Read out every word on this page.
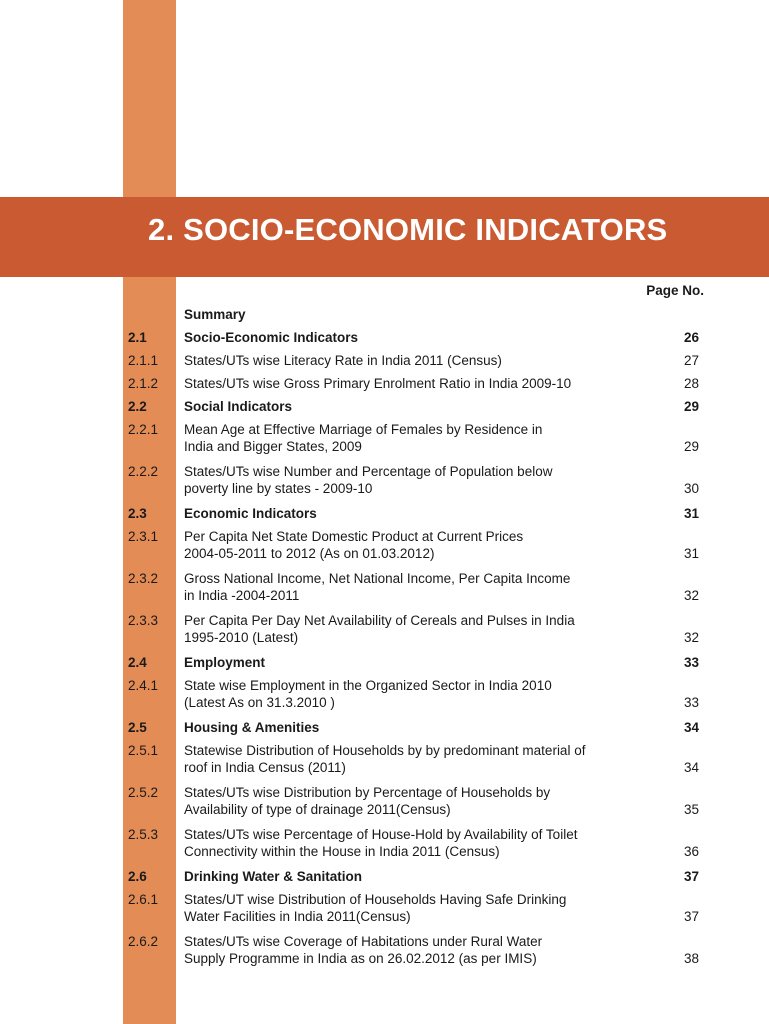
2. SOCIO-ECONOMIC INDICATORS
Page No.
Summary
2.1	Socio-Economic Indicators	26
2.1.1 States/UTs wise Literacy Rate in India 2011 (Census)	27
2.1.2 States/UTs wise Gross Primary Enrolment Ratio in India 2009-10	28
2.2	Social Indicators	29
2.2.1 Mean Age at Effective Marriage of Females by Residence in
India and Bigger States, 2009	29
2.2.2 States/UTs wise Number and Percentage of Population below
poverty line by states - 2009-10	30
2.3	Economic Indicators	31
2.3.1 Per Capita Net State Domestic Product at Current Prices
2004-05-2011 to 2012 (As on 01.03.2012)	31
2.3.2 Gross National Income, Net National Income, Per Capita Income
in India -2004-2011	32
2.3.3 Per Capita Per Day Net Availability of Cereals and Pulses in India
1995-2010 (Latest)	32
2.4	Employment	33
2.4.1 State wise Employment in the Organized Sector in India 2010
(Latest As on 31.3.2010 )	33
2.5	Housing & Amenities	34
2.5.1 Statewise Distribution of Households by by predominant material of
roof in India Census (2011)	34
2.5.2 States/UTs wise Distribution by Percentage of Households by
Availability of type of drainage 2011(Census)	35
2.5.3 States/UTs wise Percentage of House-Hold by Availability of Toilet
Connectivity within the House in India 2011 (Census)	36
2.6	Drinking Water & Sanitation	37
2.6.1 States/UT wise Distribution of Households Having Safe Drinking
Water Facilities in India 2011(Census)	37
2.6.2 States/UTs wise Coverage of Habitations under Rural Water
Supply Programme in India as on 26.02.2012 (as per IMIS)	38
